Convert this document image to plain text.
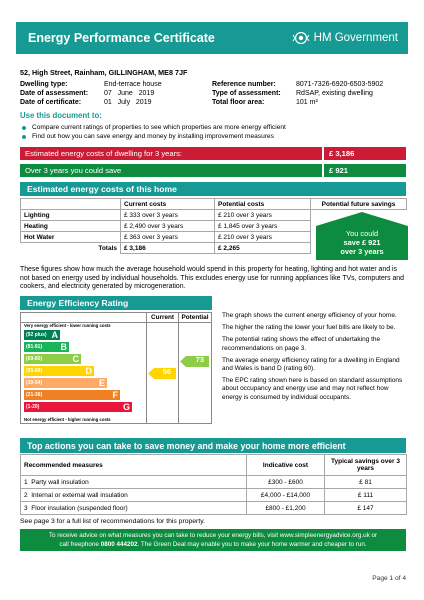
Energy Performance Certificate	HM Government
52, High Street, Rainham, GILLINGHAM, ME8 7JF
Dwelling type:	End-terrace house
Date of assessment:	07   June   2019
Date of certificate:	01   July   2019
Reference number:	8071-7326-6920-6503-5902
Type of assessment:	RdSAP, existing dwelling
Total floor area:	101 m²
Use this document to:
Compare current ratings of properties to see which properties are more energy efficient
Find out how you can save energy and money by installing improvement measures
Estimated energy costs of dwelling for 3 years:	£ 3,186
Over 3 years you could save	£ 921
Estimated energy costs of this home
	Current costs	Potential costs	Potential future savings
Lighting	£ 333 over 3 years	£ 210 over 3 years	
Heating	£ 2,490 over 3 years	£ 1,845 over 3 years	
Hot Water	£ 363 over 3 years	£ 210 over 3 years	
Totals	£ 3,186	£ 2,265	
You could
save £ 921
over 3 years
These figures show how much the average household would spend in this property for heating, lighting and hot water and is not based on energy used by individual households. This excludes energy use for running appliances like TVs, computers and cookers, and electricity generated by microgeneration.
Energy Efficiency Rating
Current	Potential
Very energy efficient - lower running costs
(92 plus) A
(81-91) B
(69-80)	C
(55-68)	D
(39-54)	E
(21-38)	F
(1-20)	G
56
73
Not energy efficient - higher running costs

The graph shows the current energy efficiency of your home.

The higher the rating the lower your fuel bills are likely to be.

The potential rating shows the effect of undertaking the recommendations on page 3.

The average energy efficiency rating for a dwelling in England and Wales is band D (rating 60).

The EPC rating shown here is based on standard assumptions about occupancy and energy use and may not reflect how energy is consumed by individual occupants.

Top actions you can take to save money and make your home more efficient
Recommended measures	Indicative cost	Typical savings over 3 years
1 Party wall insulation	£300 - £600	£ 81
2 Internal or external wall insulation	£4,000 - £14,000	£ 111
3 Floor insulation (suspended floor)	£800 - £1,200	£ 147
See page 3 for a full list of recommendations for this property.
To receive advice on what measures you can take to reduce your energy bills, visit www.simpleenergyadvice.org.uk or
call freephone 0800 444202. The Green Deal may enable you to make your home warmer and cheaper to run.
Page 1 of 4
